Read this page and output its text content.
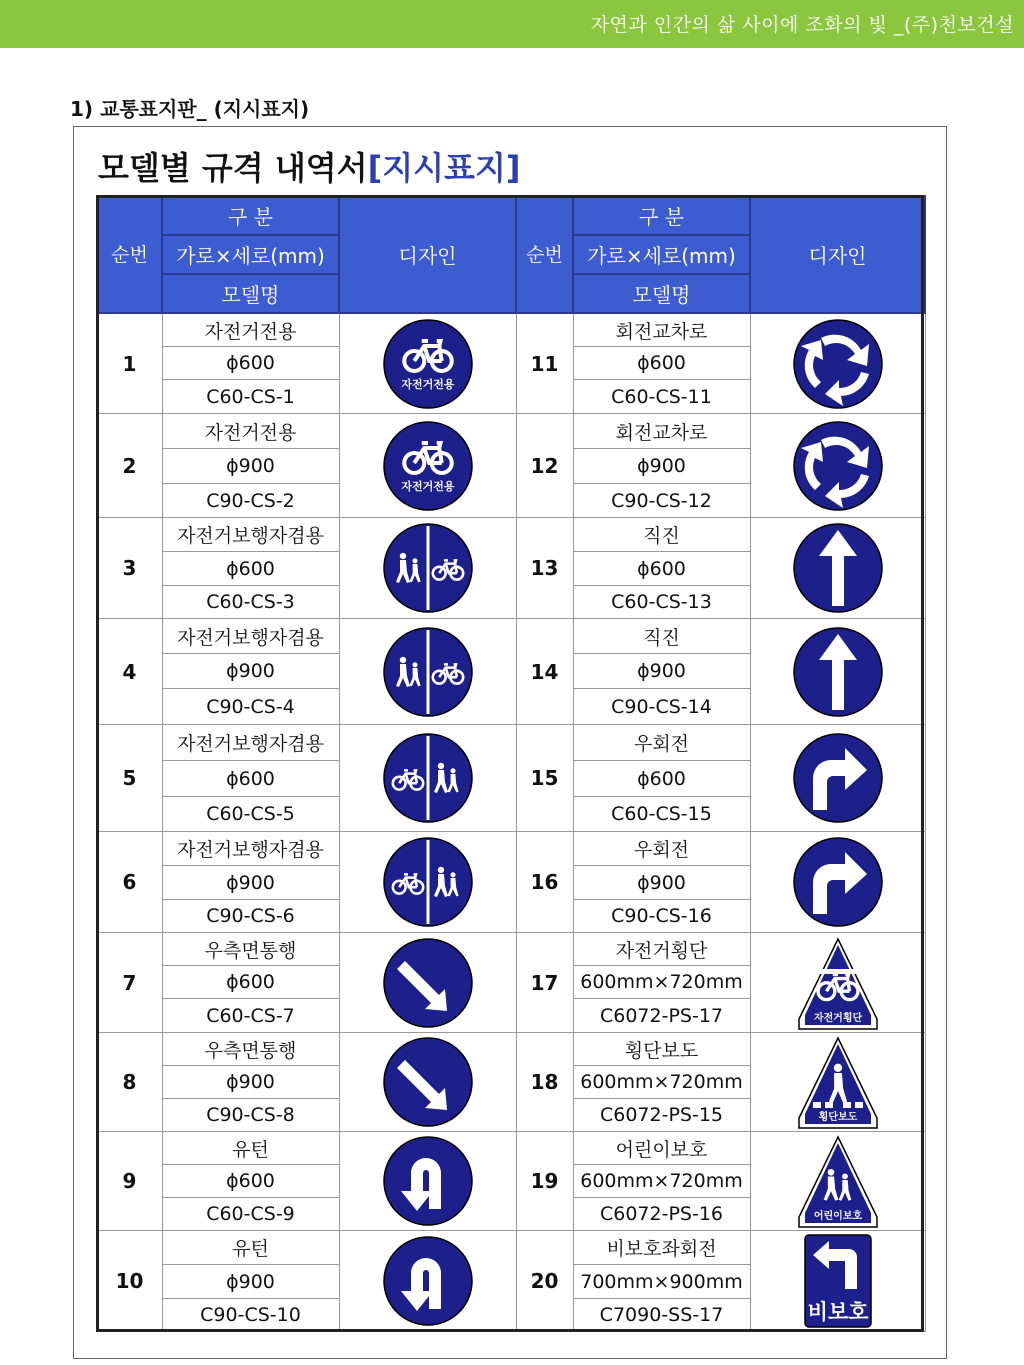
자연과 인간의 삶 사이에 조화의 빛 _(주)천보건설
1) 교통표지판_ (지시표지)
모델별 규격 내역서[지시표지]
순번	구 분	디자인	순번	구 분	디자인
	가로×세로(mm)			가로×세로(mm)	
	모델명			모델명	
1	자전거전용	자전거전용	11	회전교차로	

	ϕ600			ϕ600	
	C60-CS-1			C60-CS-11	
2	자전거전용	자전거전용	12	회전교차로	

	ϕ900			ϕ900	
	C90-CS-2			C90-CS-12	
3	자전거보행자겸용		13	직진	

	ϕ600			ϕ600	
	C60-CS-3			C60-CS-13	
4	자전거보행자겸용		14	직진	

	ϕ900			ϕ900	
	C90-CS-4			C90-CS-14	
5	자전거보행자겸용		15	우회전	

	ϕ600			ϕ600	
	C60-CS-5			C60-CS-15	
6	자전거보행자겸용		16	우회전	

	ϕ900			ϕ900	
	C90-CS-6			C90-CS-16	
7	우측면통행		17	자전거횡단	자전거횡단

	ϕ600			600mm×720mm	
	C60-CS-7			C6072-PS-17	
8	우측면통행		18	횡단보도	횡단보도

	ϕ900			600mm×720mm	
	C90-CS-8			C6072-PS-15	
9	유턴		19	어린이보호	어린이보호

	ϕ600			600mm×720mm	
	C60-CS-9			C6072-PS-16	
10	유턴		20	비보호좌회전	비보호

	ϕ900			700mm×900mm	
	C90-CS-10			C7090-SS-17	
